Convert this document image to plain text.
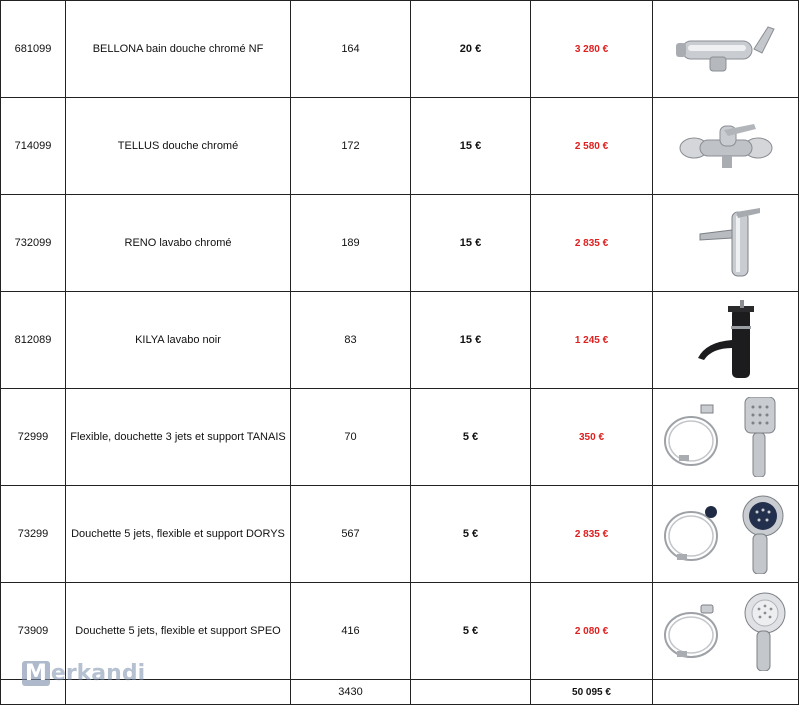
681099	BELLONA bain douche chromé NF	164	20 €	3 280 €	

714099	TELLUS douche chromé	172	15 €	2 580 €	

732099	RENO lavabo chromé	189	15 €	2 835 €	

812089	KILYA lavabo noir	83	15 €	1 245 €	

72999	Flexible, douchette 3 jets et support TANAIS	70	5 €	350 €	

73299	Douchette 5 jets, flexible et support DORYS	567	5 €	2 835 €	

73909	Douchette 5 jets, flexible et support SPEO	416	5 €	2 080 €	

		3430		50 095 €	
M erkandi
